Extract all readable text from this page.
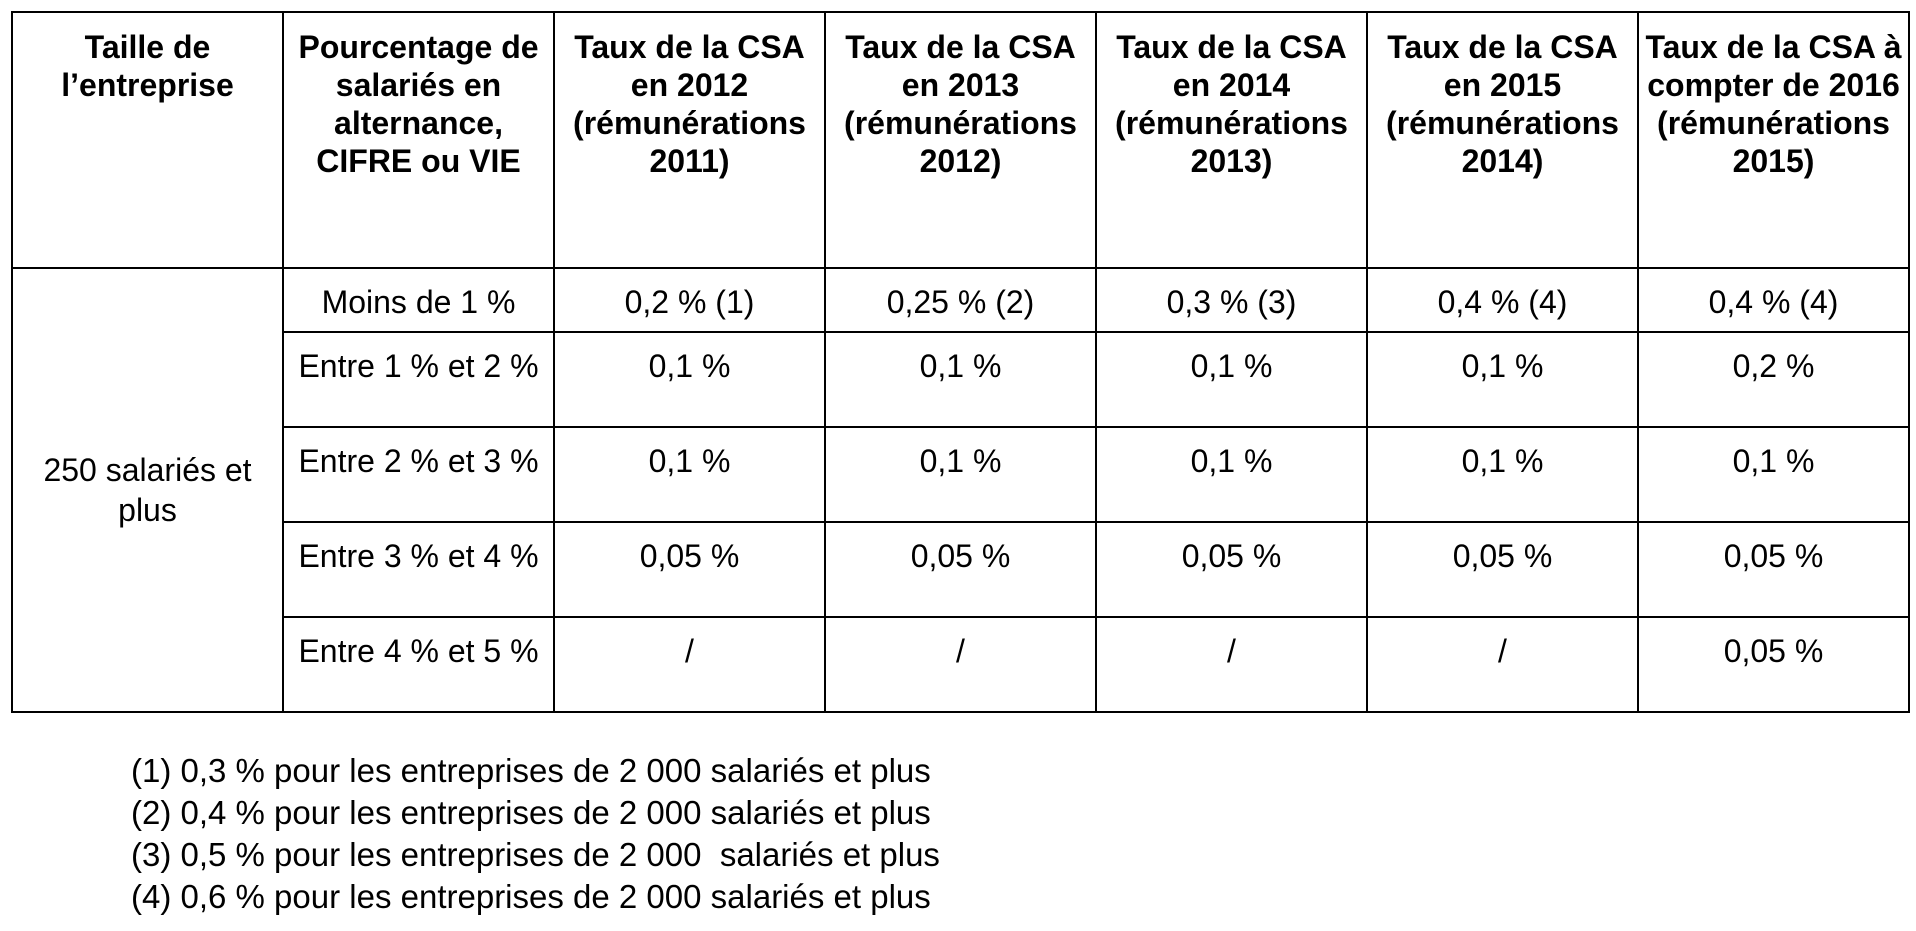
Taille de l’entreprise	Pourcentage de salariés en alternance, CIFRE ou VIE	Taux de la CSA en 2012 (rémunérations 2011)	Taux de la CSA en 2013 (rémunérations 2012)	Taux de la CSA en 2014 (rémunérations 2013)	Taux de la CSA en 2015 (rémunérations 2014)	Taux de la CSA à compter de 2016 (rémunérations 2015)
250 salariés et plus	Moins de 1 %	0,2 % (1)	0,25 % (2)	0,3 % (3)	0,4 % (4)	0,4 % (4)
	Entre 1 % et 2 %	0,1 %	0,1 %	0,1 %	0,1 %	0,2 %
	Entre 2 % et 3 %	0,1 %	0,1 %	0,1 %	0,1 %	0,1 %
	Entre 3 % et 4 %	0,05 %	0,05 %	0,05 %	0,05 %	0,05 %
	Entre 4 % et 5 %	/	/	/	/	0,05 %
(1) 0,3 % pour les entreprises de 2 000 salariés et plus
(2) 0,4 % pour les entreprises de 2 000 salariés et plus
(3) 0,5 % pour les entreprises de 2 000  salariés et plus
(4) 0,6 % pour les entreprises de 2 000 salariés et plus
